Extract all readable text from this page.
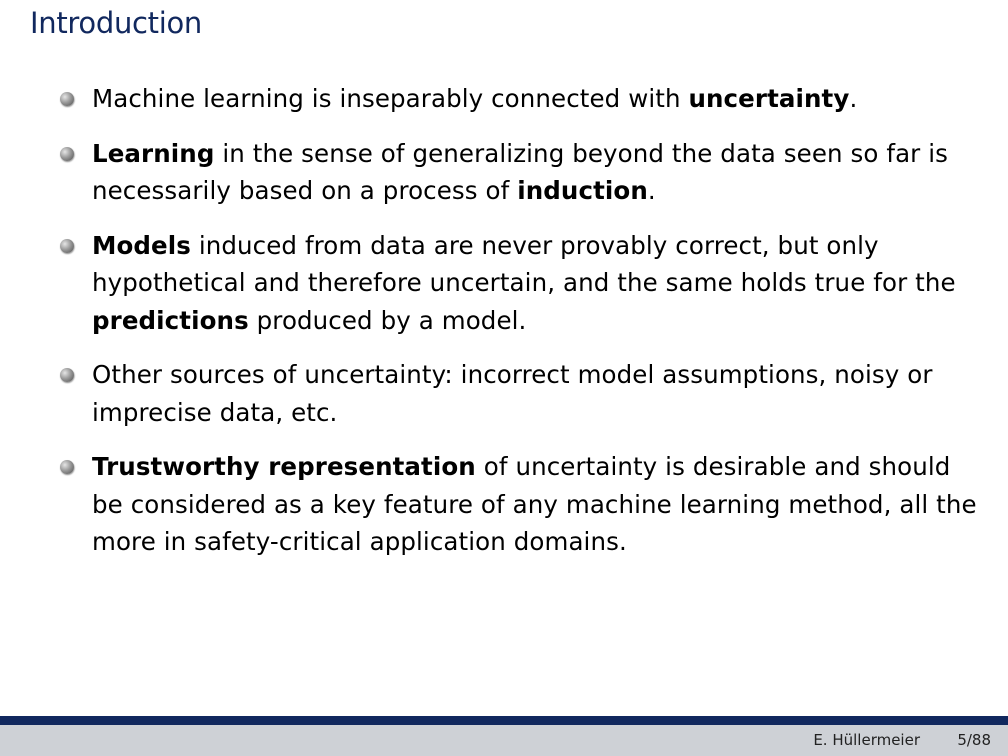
Introduction
Machine learning is inseparably connected with uncertainty.
Learning in the sense of generalizing beyond the data seen so far is necessarily based on a process of induction.
Models induced from data are never provably correct, but only hypothetical and therefore uncertain, and the same holds true for the predictions produced by a model.
Other sources of uncertainty: incorrect model assumptions, noisy or imprecise data, etc.
Trustworthy representation of uncertainty is desirable and should be considered as a key feature of any machine learning method, all the more in safety-critical application domains.
E. Hüllermeier 5/88
